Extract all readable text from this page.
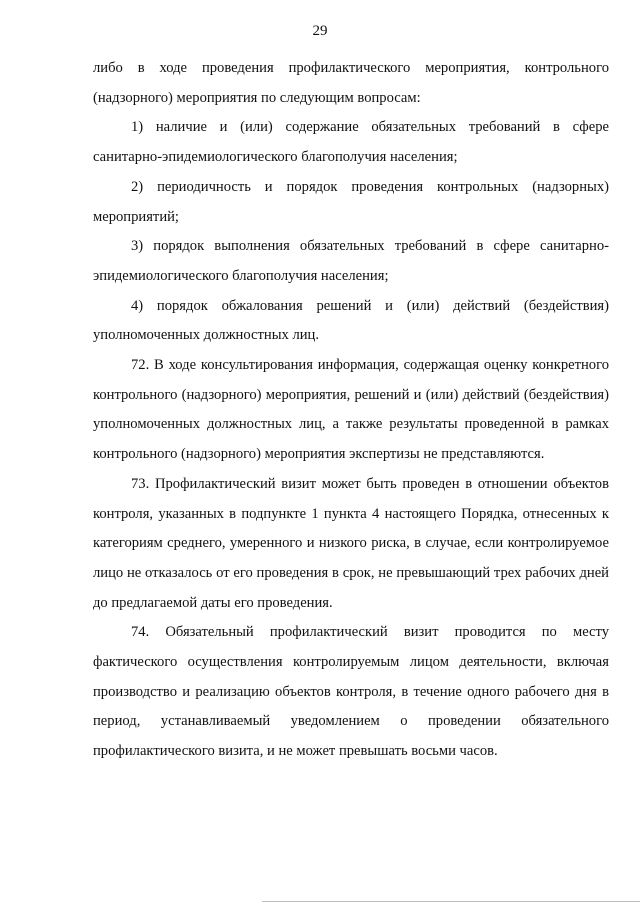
29

либо в ходе проведения профилактического мероприятия, контрольного (надзорного) мероприятия по следующим вопросам:

1) наличие и (или) содержание обязательных требований в сфере санитарно-эпидемиологического благополучия населения;

2) периодичность и порядок проведения контрольных (надзорных) мероприятий;

3) порядок выполнения обязательных требований в сфере санитарно-эпидемиологического благополучия населения;

4) порядок обжалования решений и (или) действий (бездействия) уполномоченных должностных лиц.

72. В ходе консультирования информация, содержащая оценку конкретного контрольного (надзорного) мероприятия, решений и (или) действий (бездействия) уполномоченных должностных лиц, а также результаты проведенной в рамках контрольного (надзорного) мероприятия экспертизы не представляются.

73. Профилактический визит может быть проведен в отношении объектов контроля, указанных в подпункте 1 пункта 4 настоящего Порядка, отнесенных к категориям среднего, умеренного и низкого риска, в случае, если контролируемое лицо не отказалось от его проведения в срок, не превышающий трех рабочих дней до предлагаемой даты его проведения.

74. Обязательный профилактический визит проводится по месту фактического осуществления контролируемым лицом деятельности, включая производство и реализацию объектов контроля, в течение одного рабочего дня в период, устанавливаемый уведомлением о проведении обязательного профилактического визита, и не может превышать восьми часов.
